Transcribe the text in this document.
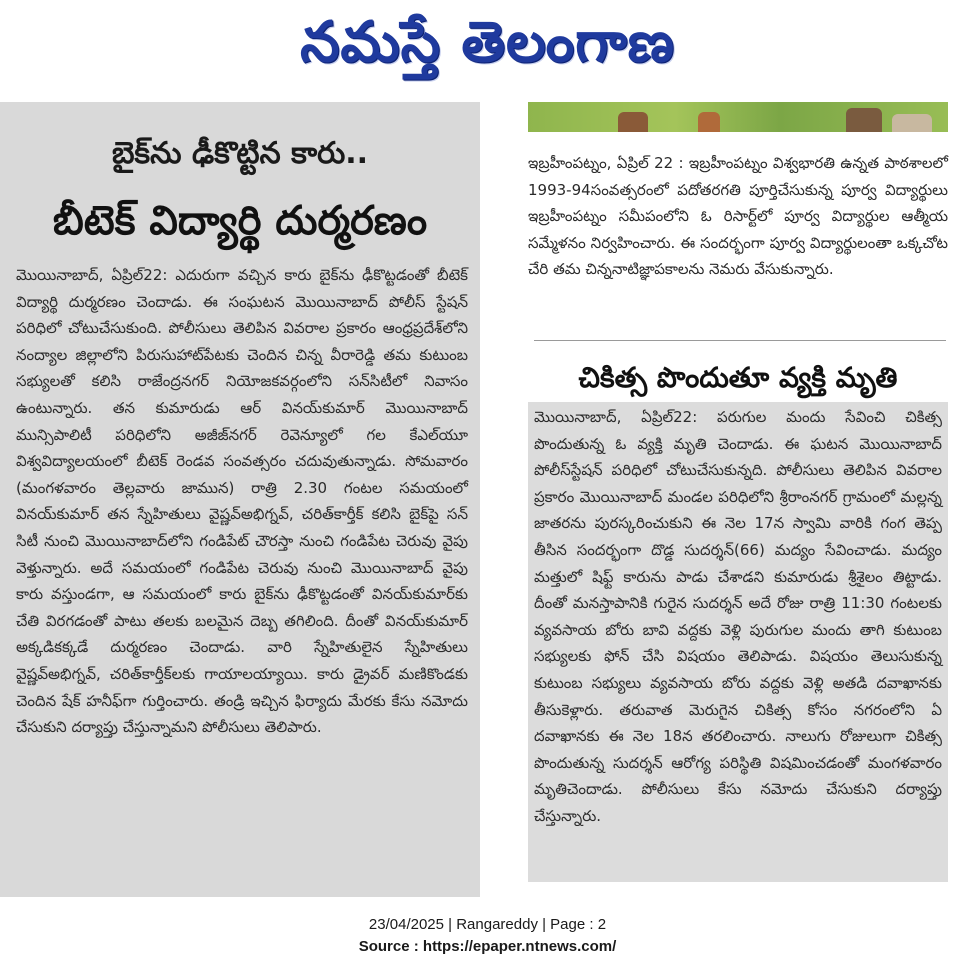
నమస్తే తెలంగాణ
బైక్‌ను ఢీకొట్టిన కారు..
బీటెక్ విద్యార్థి దుర్మరణం
మొయినాబాద్, ఏప్రిల్22: ఎదురుగా వచ్చిన కారు బైక్‌ను ఢీకొట్టడంతో బీటెక్ విద్యార్థి దుర్మరణం చెందాడు. ఈ సంఘటన మొయినాబాద్ పోలీస్ స్టేషన్ పరిధిలో చోటుచేసుకుంది. పోలీసులు తెలిపిన వివరాల ప్రకారం ఆంధ్రప్రదేశ్‌లోని నంద్యాల జిల్లాలోని పిరుసుహాట్‌పేటకు చెందిన చిన్న వీరారెడ్డి తమ కుటుంబ సభ్యులతో కలిసి రాజేంద్రనగర్ నియోజకవర్గంలోని సన్‌సిటీలో నివాసం ఉంటున్నారు. తన కుమారుడు ఆర్ వినయ్‌కుమార్ మొయినాబాద్ మున్సిపాలిటీ పరిధిలోని అజీజ్‌నగర్ రెవెన్యూలో గల కేఎల్‌యూ విశ్వవిద్యాలయంలో బీటెక్ రెండవ సంవత్సరం చదువుతున్నాడు. సోమవారం (మంగళవారం తెల్లవారు జామున) రాత్రి 2.30 గంటల సమయంలో వినయ్‌కుమార్ తన స్నేహితులు వైష్ణవ్‌అభిగ్నవ్, చరిత్‌కార్తీక్ కలిసి బైక్‌పై సన్ సిటీ నుంచి మొయినాబాద్‌లోని గండిపేట్ చౌరస్తా నుంచి గండిపేట చెరువు వైపు వెళ్తున్నారు. అదే సమయంలో గండిపేట చెరువు నుంచి మొయినాబాద్ వైపు కారు వస్తుండగా, ఆ సమయంలో కారు బైక్‌ను ఢీకొట్టడంతో వినయ్‌కుమార్‌కు చేతి విరగడంతో పాటు తలకు బలమైన దెబ్బ తగిలింది. దీంతో వినయ్‌కుమార్ అక్కడికక్కడే దుర్మరణం చెందాడు. వారి స్నేహితులైన స్నేహితులు వైష్ణవ్‌అభిగ్నవ్, చరిత్‌కార్తీక్‌లకు గాయాలయ్యాయి. కారు డ్రైవర్ మణికొండకు చెందిన షేక్ హనీఫ్‌గా గుర్తించారు. తండ్రి ఇచ్చిన ఫిర్యాదు మేరకు కేసు నమోదు చేసుకుని దర్యాప్తు చేస్తున్నామని పోలీసులు తెలిపారు.
ఇబ్రహీంపట్నం, ఏప్రిల్ 22 : ఇబ్రహీంపట్నం విశ్వభారతి ఉన్నత పాఠశాలలో 1993-94సంవత్సరంలో పదోతరగతి పూర్తిచేసుకున్న పూర్వ విద్యార్థులు ఇబ్రహీంపట్నం సమీపంలోని ఓ రిసార్ట్‌లో పూర్వ విద్యార్థుల ఆత్మీయ సమ్మేళనం నిర్వహించారు. ఈ సందర్భంగా పూర్వ విద్యార్థులంతా ఒక్కచోట చేరి తమ చిన్ననాటిజ్ఞాపకాలను నెమరు వేసుకున్నారు.
చికిత్స పొందుతూ వ్యక్తి మృతి
మొయినాబాద్, ఏప్రిల్22: పరుగుల మందు సేవించి చికిత్స పొందుతున్న ఓ వ్యక్తి మృతి చెందాడు. ఈ ఘటన మొయినాబాద్ పోలీస్‌స్టేషన్ పరిధిలో చోటుచేసుకున్నది. పోలీసులు తెలిపిన వివరాల ప్రకారం మొయినాబాద్ మండల పరిధిలోని శ్రీరాంనగర్ గ్రామంలో మల్లన్న జాతరను పురస్కరించుకుని ఈ నెల 17న స్వామి వారికి గంగ తెప్ప తీసిన సందర్భంగా దొడ్డ సుదర్శన్(66) మద్యం సేవించాడు. మద్యం మత్తులో షిఫ్ట్ కారును పాడు చేశాడని కుమారుడు శ్రీశైలం తిట్టాడు. దీంతో మనస్తాపానికి గురైన సుదర్శన్ అదే రోజు రాత్రి 11:30 గంటలకు వ్యవసాయ బోరు బావి వద్దకు వెళ్లి పురుగుల మందు తాగి కుటుంబ సభ్యులకు ఫోన్ చేసి విషయం తెలిపాడు. విషయం తెలుసుకున్న కుటుంబ సభ్యులు వ్యవసాయ బోరు వద్దకు వెళ్లి అతడి దవాఖానకు తీసుకెళ్లారు. తరువాత మెరుగైన చికిత్స కోసం నగరంలోని ఏ దవాఖానకు ఈ నెల 18న తరలించారు. నాలుగు రోజులుగా చికిత్స పొందుతున్న సుదర్శన్ ఆరోగ్య పరిస్థితి విషమించడంతో మంగళవారం మృతిచెందాడు. పోలీసులు కేసు నమోదు చేసుకుని దర్యాప్తు చేస్తున్నారు.
23/04/2025 | Rangareddy | Page : 2
Source : https://epaper.ntnews.com/
